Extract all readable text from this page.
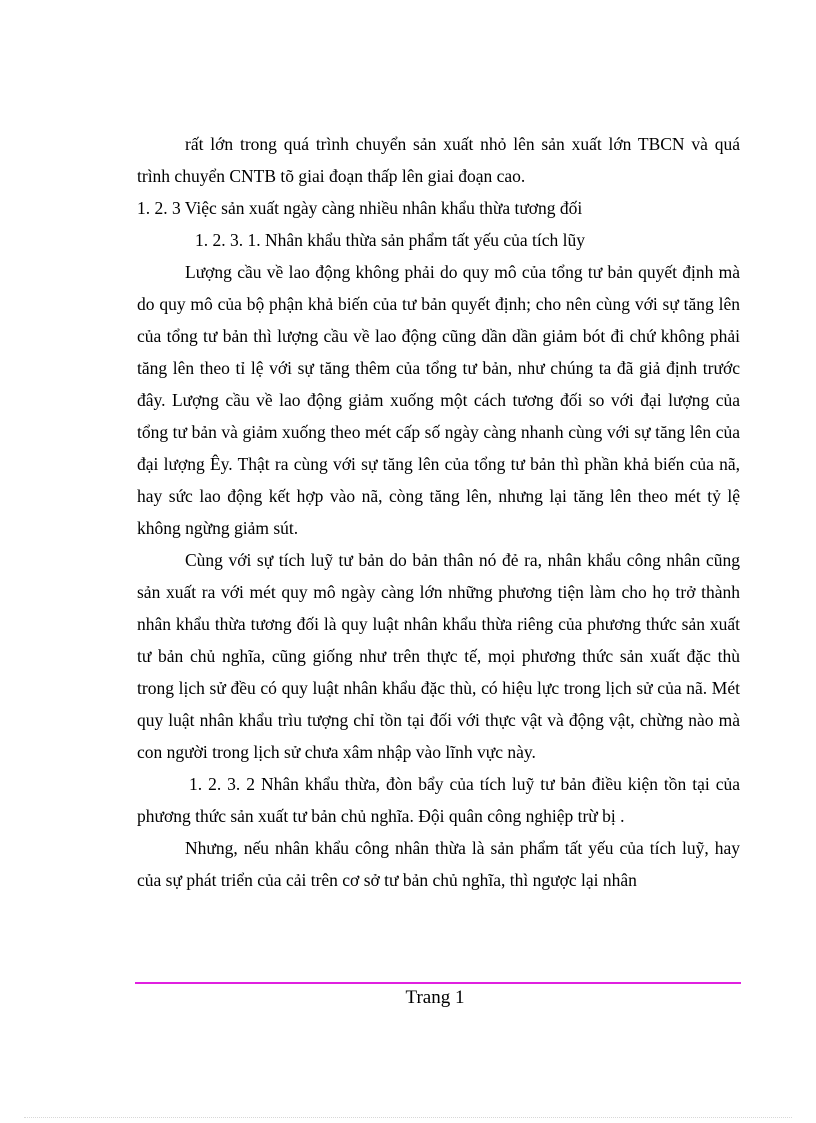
rất lớn trong quá trình chuyển sản xuất nhỏ lên sản xuất lớn TBCN và quá trình chuyển CNTB tõ giai đoạn thấp lên giai đoạn cao.

1. 2. 3 Việc sản xuất ngày càng nhiều nhân khẩu thừa tương đối

1. 2. 3. 1. Nhân khẩu thừa sản phẩm tất yếu của tích lũy

Lượng cầu về lao động không phải do quy mô của tổng tư bản quyết định mà do quy mô của bộ phận khả biến của tư bản quyết định; cho nên cùng với sự tăng lên của tổng tư bản thì lượng cầu về lao động cũng dần dần giảm bót đi chứ không phải tăng lên theo tỉ lệ với sự tăng thêm của tổng tư bản, như chúng ta đã giả định trước đây. Lượng cầu về lao động giảm xuống một cách tương đối so với đại lượng của tổng tư bản và giảm xuống theo mét cấp số ngày càng nhanh cùng với sự tăng lên của đại lượng Êy. Thật ra cùng với sự tăng lên của tổng tư bản thì phần khả biến của nã, hay sức lao động kết hợp vào nã, còng tăng lên, nhưng lại tăng lên theo mét tỷ lệ không ngừng giảm sút.

Cùng với sự tích luỹ tư bản do bản thân nó đẻ ra, nhân khẩu công nhân cũng sản xuất ra với mét quy mô ngày càng lớn những phương tiện làm cho họ trở thành nhân khẩu thừa tương đối là quy luật nhân khẩu thừa riêng của phương thức sản xuất tư bản chủ nghĩa, cũng giống như trên thực tế, mọi phương thức sản xuất đặc thù trong lịch sử đều có quy luật nhân khẩu đặc thù, có hiệu lực trong lịch sử của nã. Mét quy luật nhân khẩu trìu tượng chỉ tồn tại đối với thực vật và động vật, chừng nào mà con người trong lịch sử chưa xâm nhập vào lĩnh vực này.

1. 2. 3. 2 Nhân khẩu thừa, đòn bẩy của tích luỹ tư bản điều kiện tồn tại của phương thức sản xuất tư bản chủ nghĩa. Đội quân công nghiệp trừ bị .

Nhưng, nếu nhân khẩu công nhân thừa là sản phẩm tất yếu của tích luỹ, hay của sự phát triển của cải trên cơ sở tư bản chủ nghĩa, thì ngược lại nhân

Trang 1
